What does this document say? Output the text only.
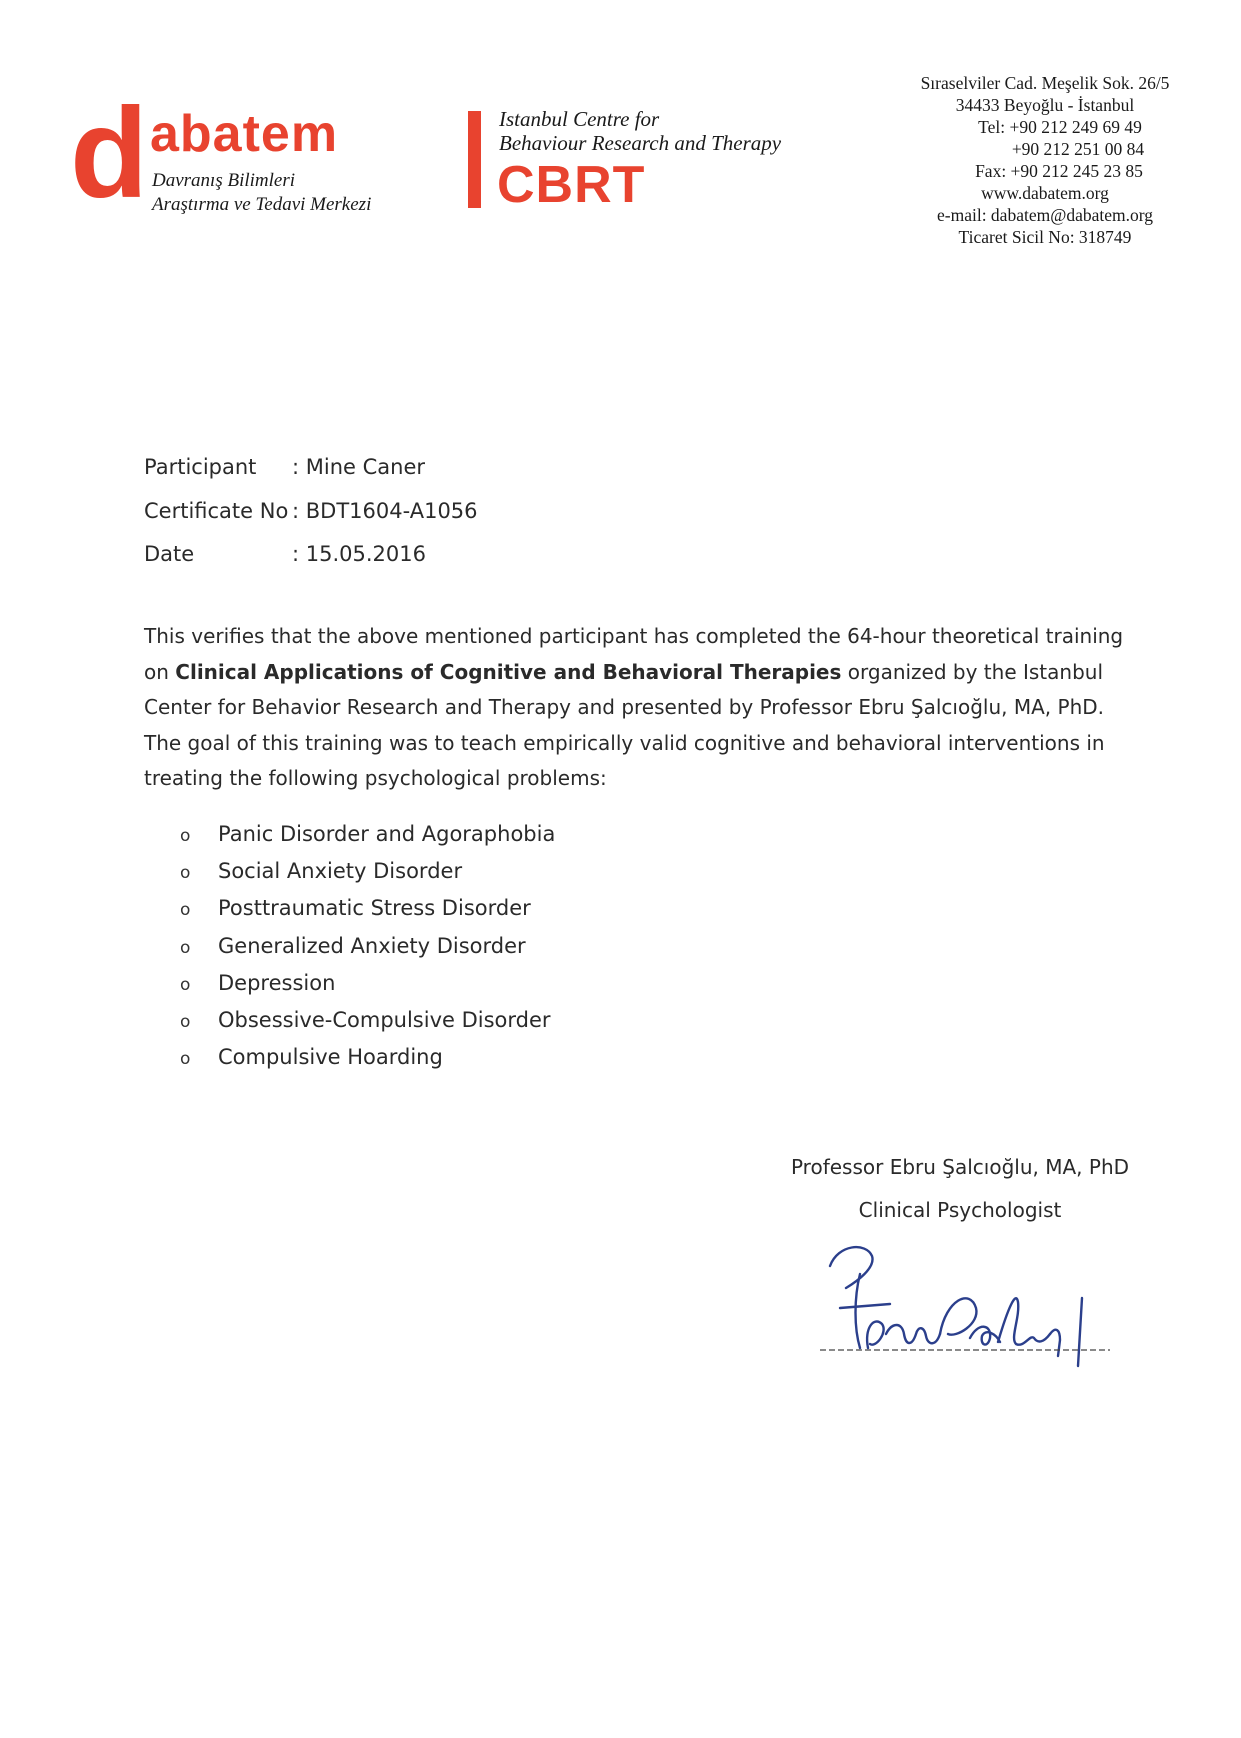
d abatem
Davranış Bilimleri
Araştırma ve Tedavi Merkezi
Istanbul Centre for
Behaviour Research and Therapy
CBRT
Sıraselviler Cad. Meşelik Sok. 26/5
34433 Beyoğlu - İstanbul
Tel: +90 212 249 69 49
+90 212 251 00 84
Fax: +90 212 245 23 85
www.dabatem.org
e-mail: dabatem@dabatem.org
Ticaret Sicil No: 318749
Participant : Mine Caner
Certificate No : BDT1604-A1056
Date	: 15.05.2016
This verifies that the above mentioned participant has completed the 64-hour theoretical training on Clinical Applications of Cognitive and Behavioral Therapies organized by the Istanbul Center for Behavior Research and Therapy and presented by Professor Ebru Şalcıoğlu, MA, PhD. The goal of this training was to teach empirically valid cognitive and behavioral interventions in treating the following psychological problems:
o Panic Disorder and Agoraphobia
o Social Anxiety Disorder
o Posttraumatic Stress Disorder
o Generalized Anxiety Disorder
o Depression
o Obsessive-Compulsive Disorder
o Compulsive Hoarding
Professor Ebru Şalcıoğlu, MA, PhD
Clinical Psychologist
